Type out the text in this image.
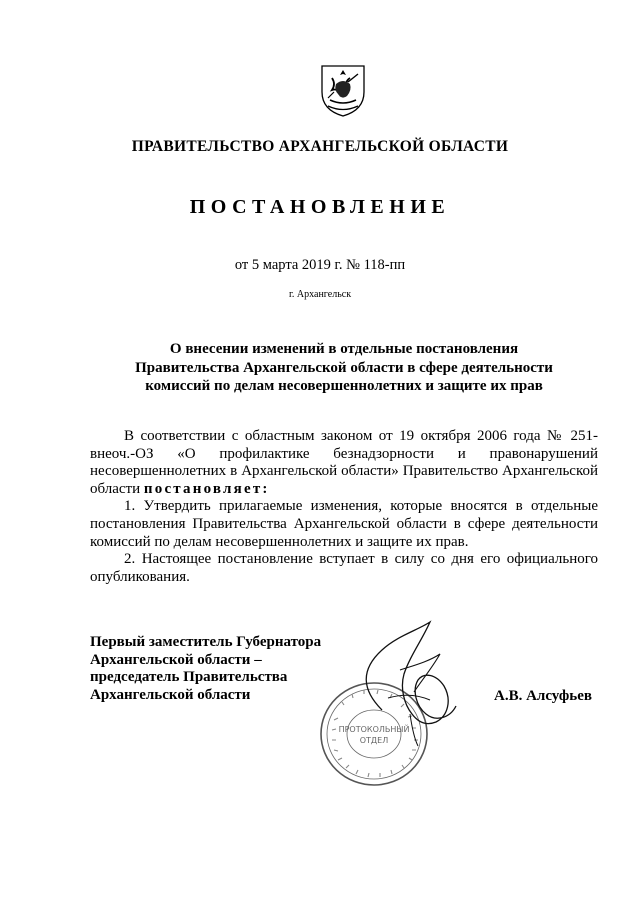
ПРАВИТЕЛЬСТВО АРХАНГЕЛЬСКОЙ ОБЛАСТИ
ПОСТАНОВЛЕНИЕ
от 5 марта 2019 г. № 118-пп
г. Архангельск
О внесении изменений в отдельные постановления
Правительства Архангельской области в сфере деятельности
комиссий по делам несовершеннолетних и защите их прав

В соответствии с областным законом от 19 октября 2006 года № 251-внеоч.-ОЗ «О профилактике безнадзорности и правонарушений несовершеннолетних в Архангельской области» Правительство Архангельской области постановляет:

1. Утвердить прилагаемые изменения, которые вносятся в отдельные постановления Правительства Архангельской области в сфере деятельности комиссий по делам несовершеннолетних и защите их прав.

2. Настоящее постановление вступает в силу со дня его официального опубликования.

Первый заместитель Губернатора
Архангельской области –
председатель Правительства
Архангельской области	А.В. Алсуфьев
ПРОТОКОЛЬНЫЙ
ОТДЕЛ
